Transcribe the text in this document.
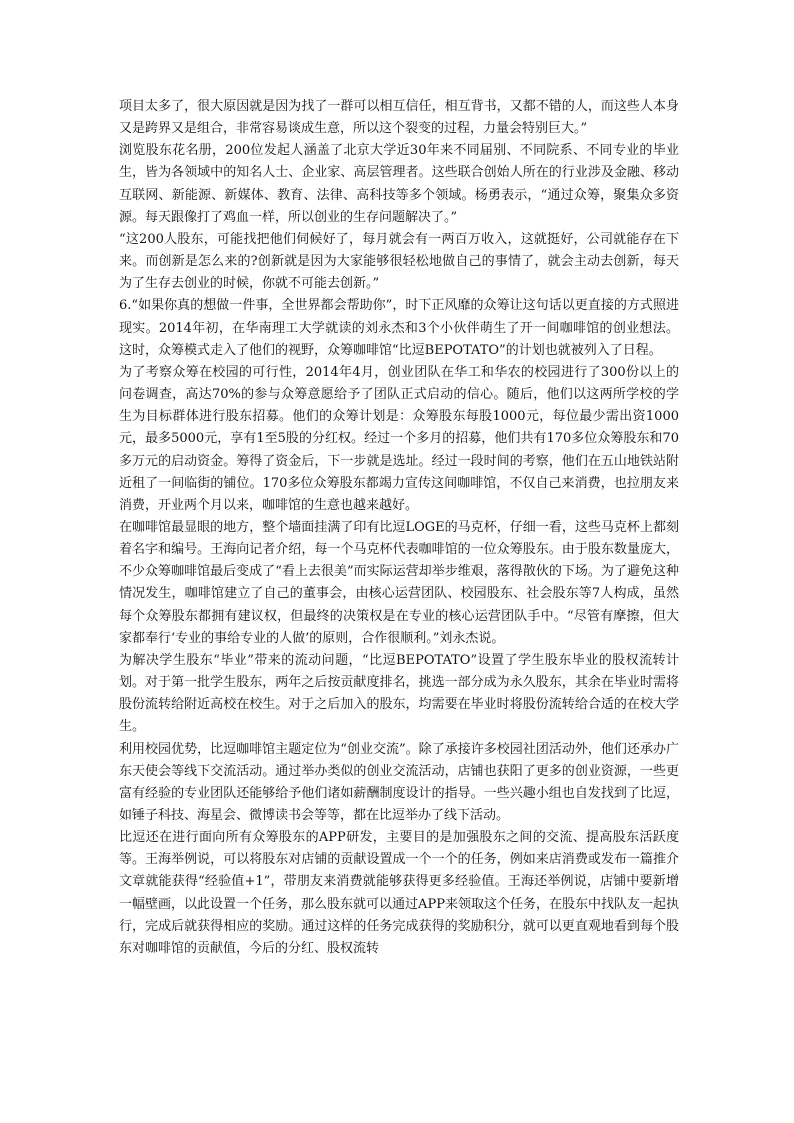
项目太多了，很大原因就是因为找了一群可以相互信任，相互背书，又都不错的人，而这些人本身又是跨界又是组合，非常容易谈成生意，所以这个裂变的过程，力量会特别巨大。”

浏览股东花名册，200位发起人涵盖了北京大学近30年来不同届别、不同院系、不同专业的毕业生，皆为各领域中的知名人士、企业家、高层管理者。这些联合创始人所在的行业涉及金融、移动互联网、新能源、新媒体、教育、法律、高科技等多个领域。杨勇表示，“通过众筹，聚集众多资源。每天跟像打了鸡血一样，所以创业的生存问题解决了。”

“这200人股东，可能找把他们伺候好了，每月就会有一两百万收入，这就挺好，公司就能存在下来。而创新是怎么来的?创新就是因为大家能够很轻松地做自己的事情了，就会主动去创新，每天为了生存去创业的时候，你就不可能去创新。”

6.“如果你真的想做一件事，全世界都会帮助你”，时下正风靡的众筹让这句话以更直接的方式照进现实。2014年初，在华南理工大学就读的刘永杰和3个小伙伴萌生了开一间咖啡馆的创业想法。这时，众筹模式走入了他们的视野，众筹咖啡馆“比逗BEPOTATO”的计划也就被列入了日程。

为了考察众筹在校园的可行性，2014年4月，创业团队在华工和华农的校园进行了300份以上的问卷调查，高达70%的参与众筹意愿给予了团队正式启动的信心。随后，他们以这两所学校的学生为目标群体进行股东招募。他们的众筹计划是：众筹股东每股1000元，每位最少需出资1000元，最多5000元，享有1至5股的分红权。经过一个多月的招募，他们共有170多位众筹股东和70多万元的启动资金。筹得了资金后，下一步就是选址。经过一段时间的考察，他们在五山地铁站附近租了一间临街的铺位。170多位众筹股东都竭力宣传这间咖啡馆，不仅自己来消费，也拉朋友来消费，开业两个月以来，咖啡馆的生意也越来越好。

在咖啡馆最显眼的地方，整个墙面挂满了印有比逗LOGE的马克杯，仔细一看，这些马克杯上都刻着名字和编号。王海向记者介绍，每一个马克杯代表咖啡馆的一位众筹股东。由于股东数量庞大，不少众筹咖啡馆最后变成了“看上去很美”而实际运营却举步维艰，落得散伙的下场。为了避免这种情况发生，咖啡馆建立了自己的董事会，由核心运营团队、校园股东、社会股东等7人构成，虽然每个众筹股东都拥有建议权，但最终的决策权是在专业的核心运营团队手中。“尽管有摩擦，但大家都奉行‘专业的事给专业的人做’的原则，合作很顺利。”刘永杰说。

为解决学生股东“毕业”带来的流动问题，“比逗BEPOTATO”设置了学生股东毕业的股权流转计划。对于第一批学生股东，两年之后按贡献度排名，挑选一部分成为永久股东，其余在毕业时需将股份流转给附近高校在校生。对于之后加入的股东，均需要在毕业时将股份流转给合适的在校大学生。

利用校园优势，比逗咖啡馆主题定位为“创业交流”。除了承接许多校园社团活动外，他们还承办广东天使会等线下交流活动。通过举办类似的创业交流活动，店铺也获阳了更多的创业资源，一些更富有经验的专业团队还能够给予他们诸如薪酬制度设计的指导。一些兴趣小组也自发找到了比逗，如锤子科技、海星会、微博读书会等等，都在比逗举办了线下活动。

比逗还在进行面向所有众筹股东的APP研发，主要目的是加强股东之间的交流、提高股东活跃度等。王海举例说，可以将股东对店铺的贡献设置成一个一个的任务，例如来店消费或发布一篇推介文章就能获得“经验值+1”，带朋友来消费就能够获得更多经验值。王海还举例说，店铺中要新增一幅壁画，以此设置一个任务，那么股东就可以通过APP来领取这个任务，在股东中找队友一起执行，完成后就获得相应的奖励。通过这样的任务完成获得的奖励积分，就可以更直观地看到每个股东对咖啡馆的贡献值，今后的分红、股权流转
